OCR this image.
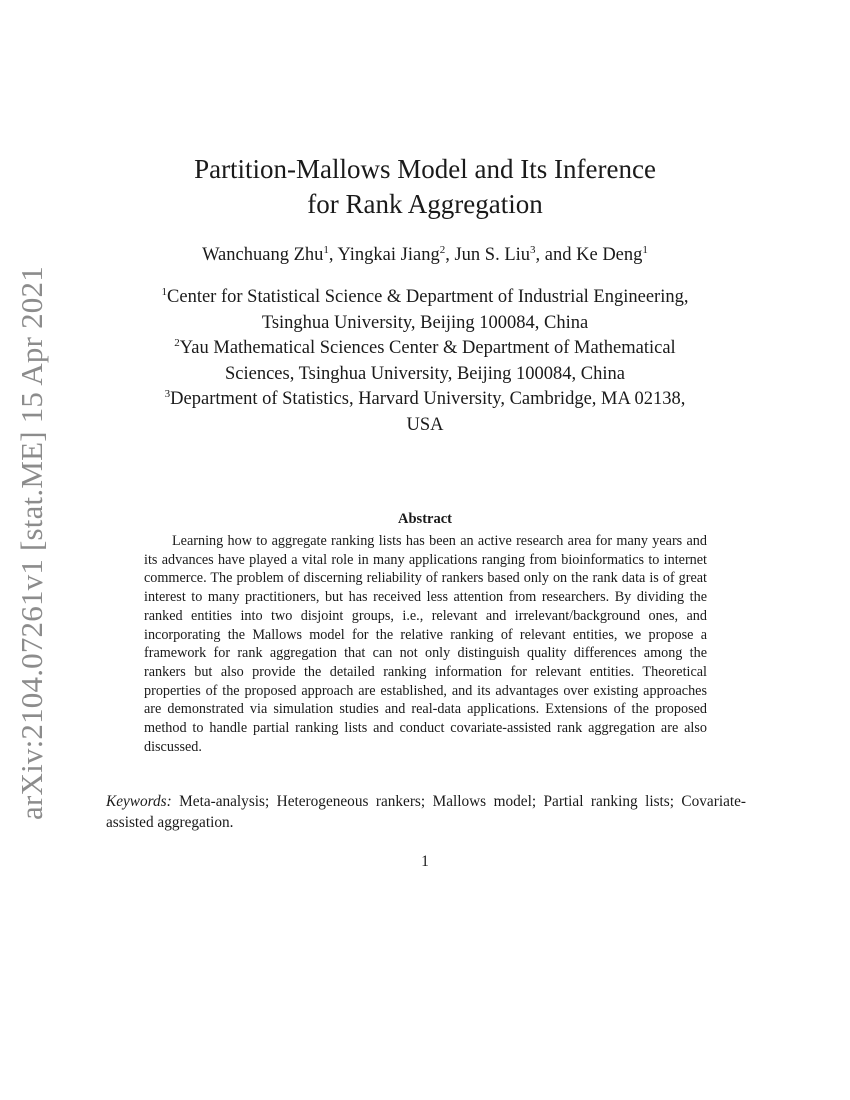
arXiv:2104.07261v1 [stat.ME] 15 Apr 2021
Partition-Mallows Model and Its Inference
for Rank Aggregation
Wanchuang Zhu$^1$, Yingkai Jiang$^2$, Jun S. Liu$^3$, and Ke Deng$^1$
$^1$Center for Statistical Science & Department of Industrial Engineering,
Tsinghua University, Beijing 100084, China
$^2$Yau Mathematical Sciences Center & Department of Mathematical
Sciences, Tsinghua University, Beijing 100084, China
$^3$Department of Statistics, Harvard University, Cambridge, MA 02138,
USA
Abstract
Learning how to aggregate ranking lists has been an active research area for many years and its advances have played a vital role in many applications ranging from bioinformatics to internet commerce. The problem of discerning reliability of rankers based only on the rank data is of great interest to many practitioners, but has received less attention from researchers. By dividing the ranked entities into two disjoint groups, i.e., relevant and irrelevant/background ones, and incorporating the Mallows model for the relative ranking of relevant entities, we propose a framework for rank aggregation that can not only distinguish quality differences among the rankers but also provide the detailed ranking information for relevant entities. Theoretical properties of the proposed approach are established, and its advantages over existing approaches are demonstrated via simulation studies and real-data applications. Extensions of the proposed method to handle partial ranking lists and conduct covariate-assisted rank aggregation are also discussed.
Keywords: Meta-analysis; Heterogeneous rankers; Mallows model; Partial ranking lists; Covariate-assisted aggregation.
1
